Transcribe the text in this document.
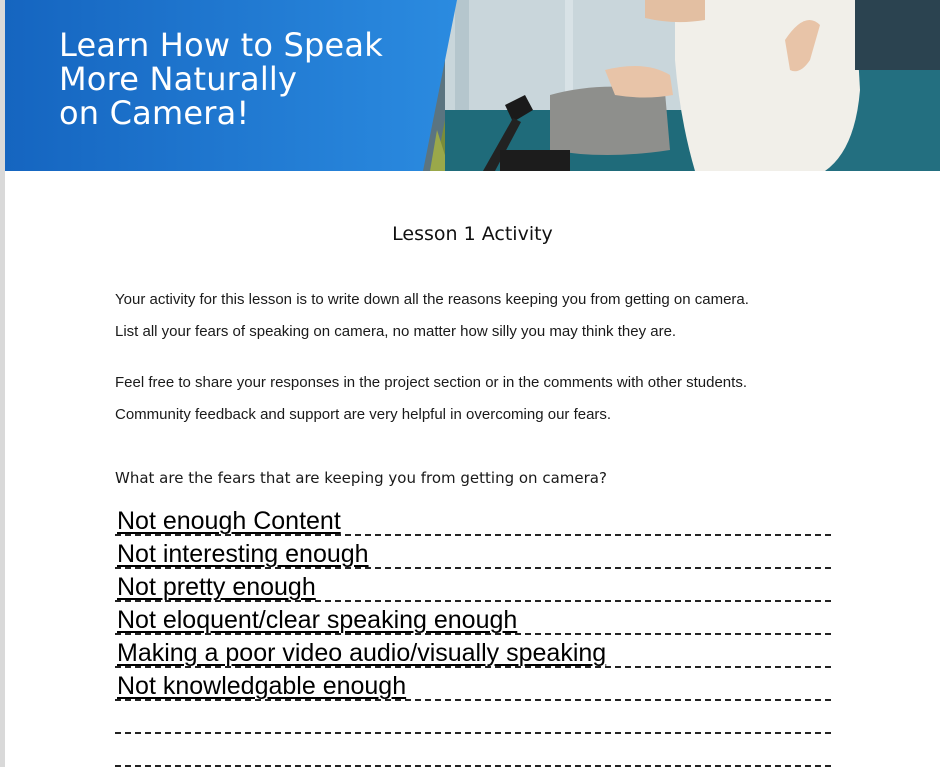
Learn How to Speak
More Naturally
on Camera!
Lesson 1 Activity

Your activity for this lesson is to write down all the reasons keeping you from getting on camera.
List all your fears of speaking on camera, no matter how silly you may think they are.

Feel free to share your responses in the project section or in the comments with other students.
Community feedback and support are very helpful in overcoming our fears.

What are the fears that are keeping you from getting on camera?

Not enough Content
Not interesting enough
Not pretty enough
Not eloquent/clear speaking enough
Making a poor video audio/visually speaking
Not knowledgable enough
